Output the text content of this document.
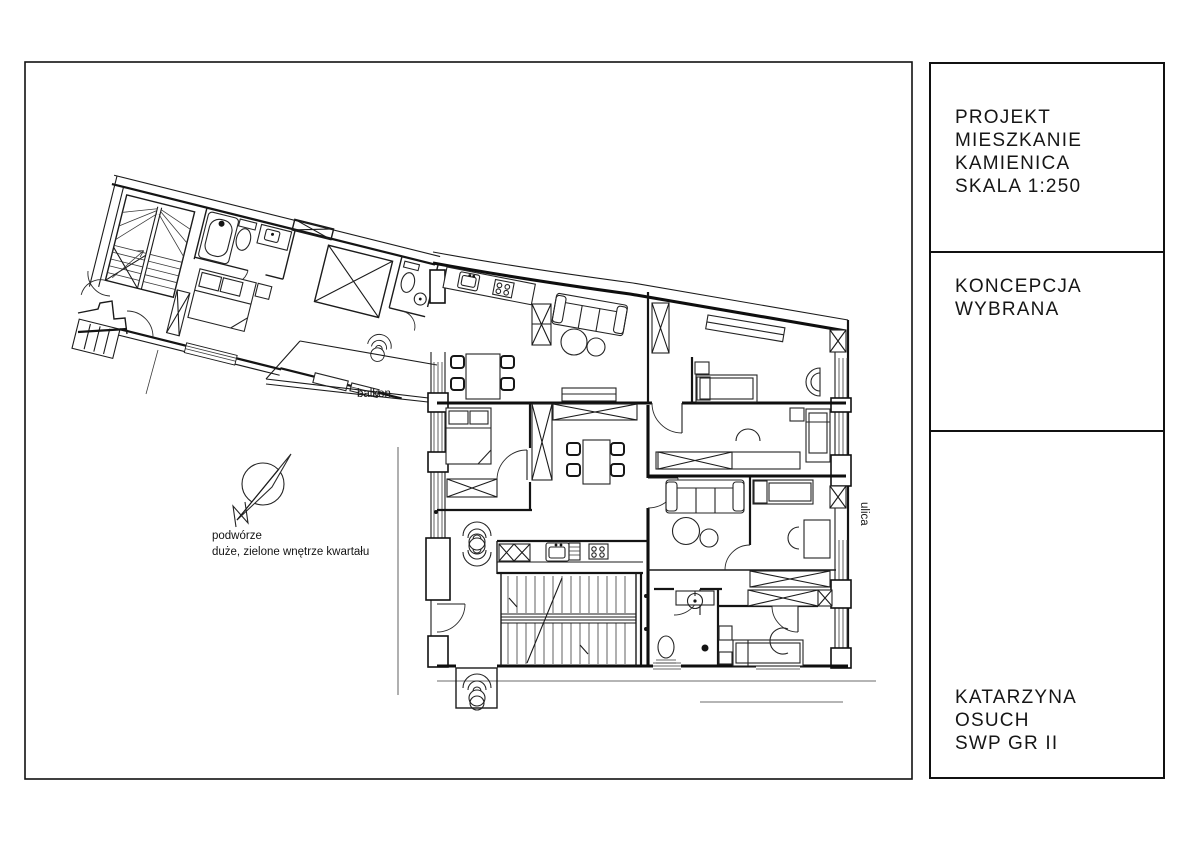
balkon
podwórze
duże, zielone wnętrze kwartału
ulica
PROJEKT
MIESZKANIE
KAMIENICA
SKALA 1:250
KONCEPCJA
WYBRANA
KATARZYNA
OSUCH
SWP GR II
